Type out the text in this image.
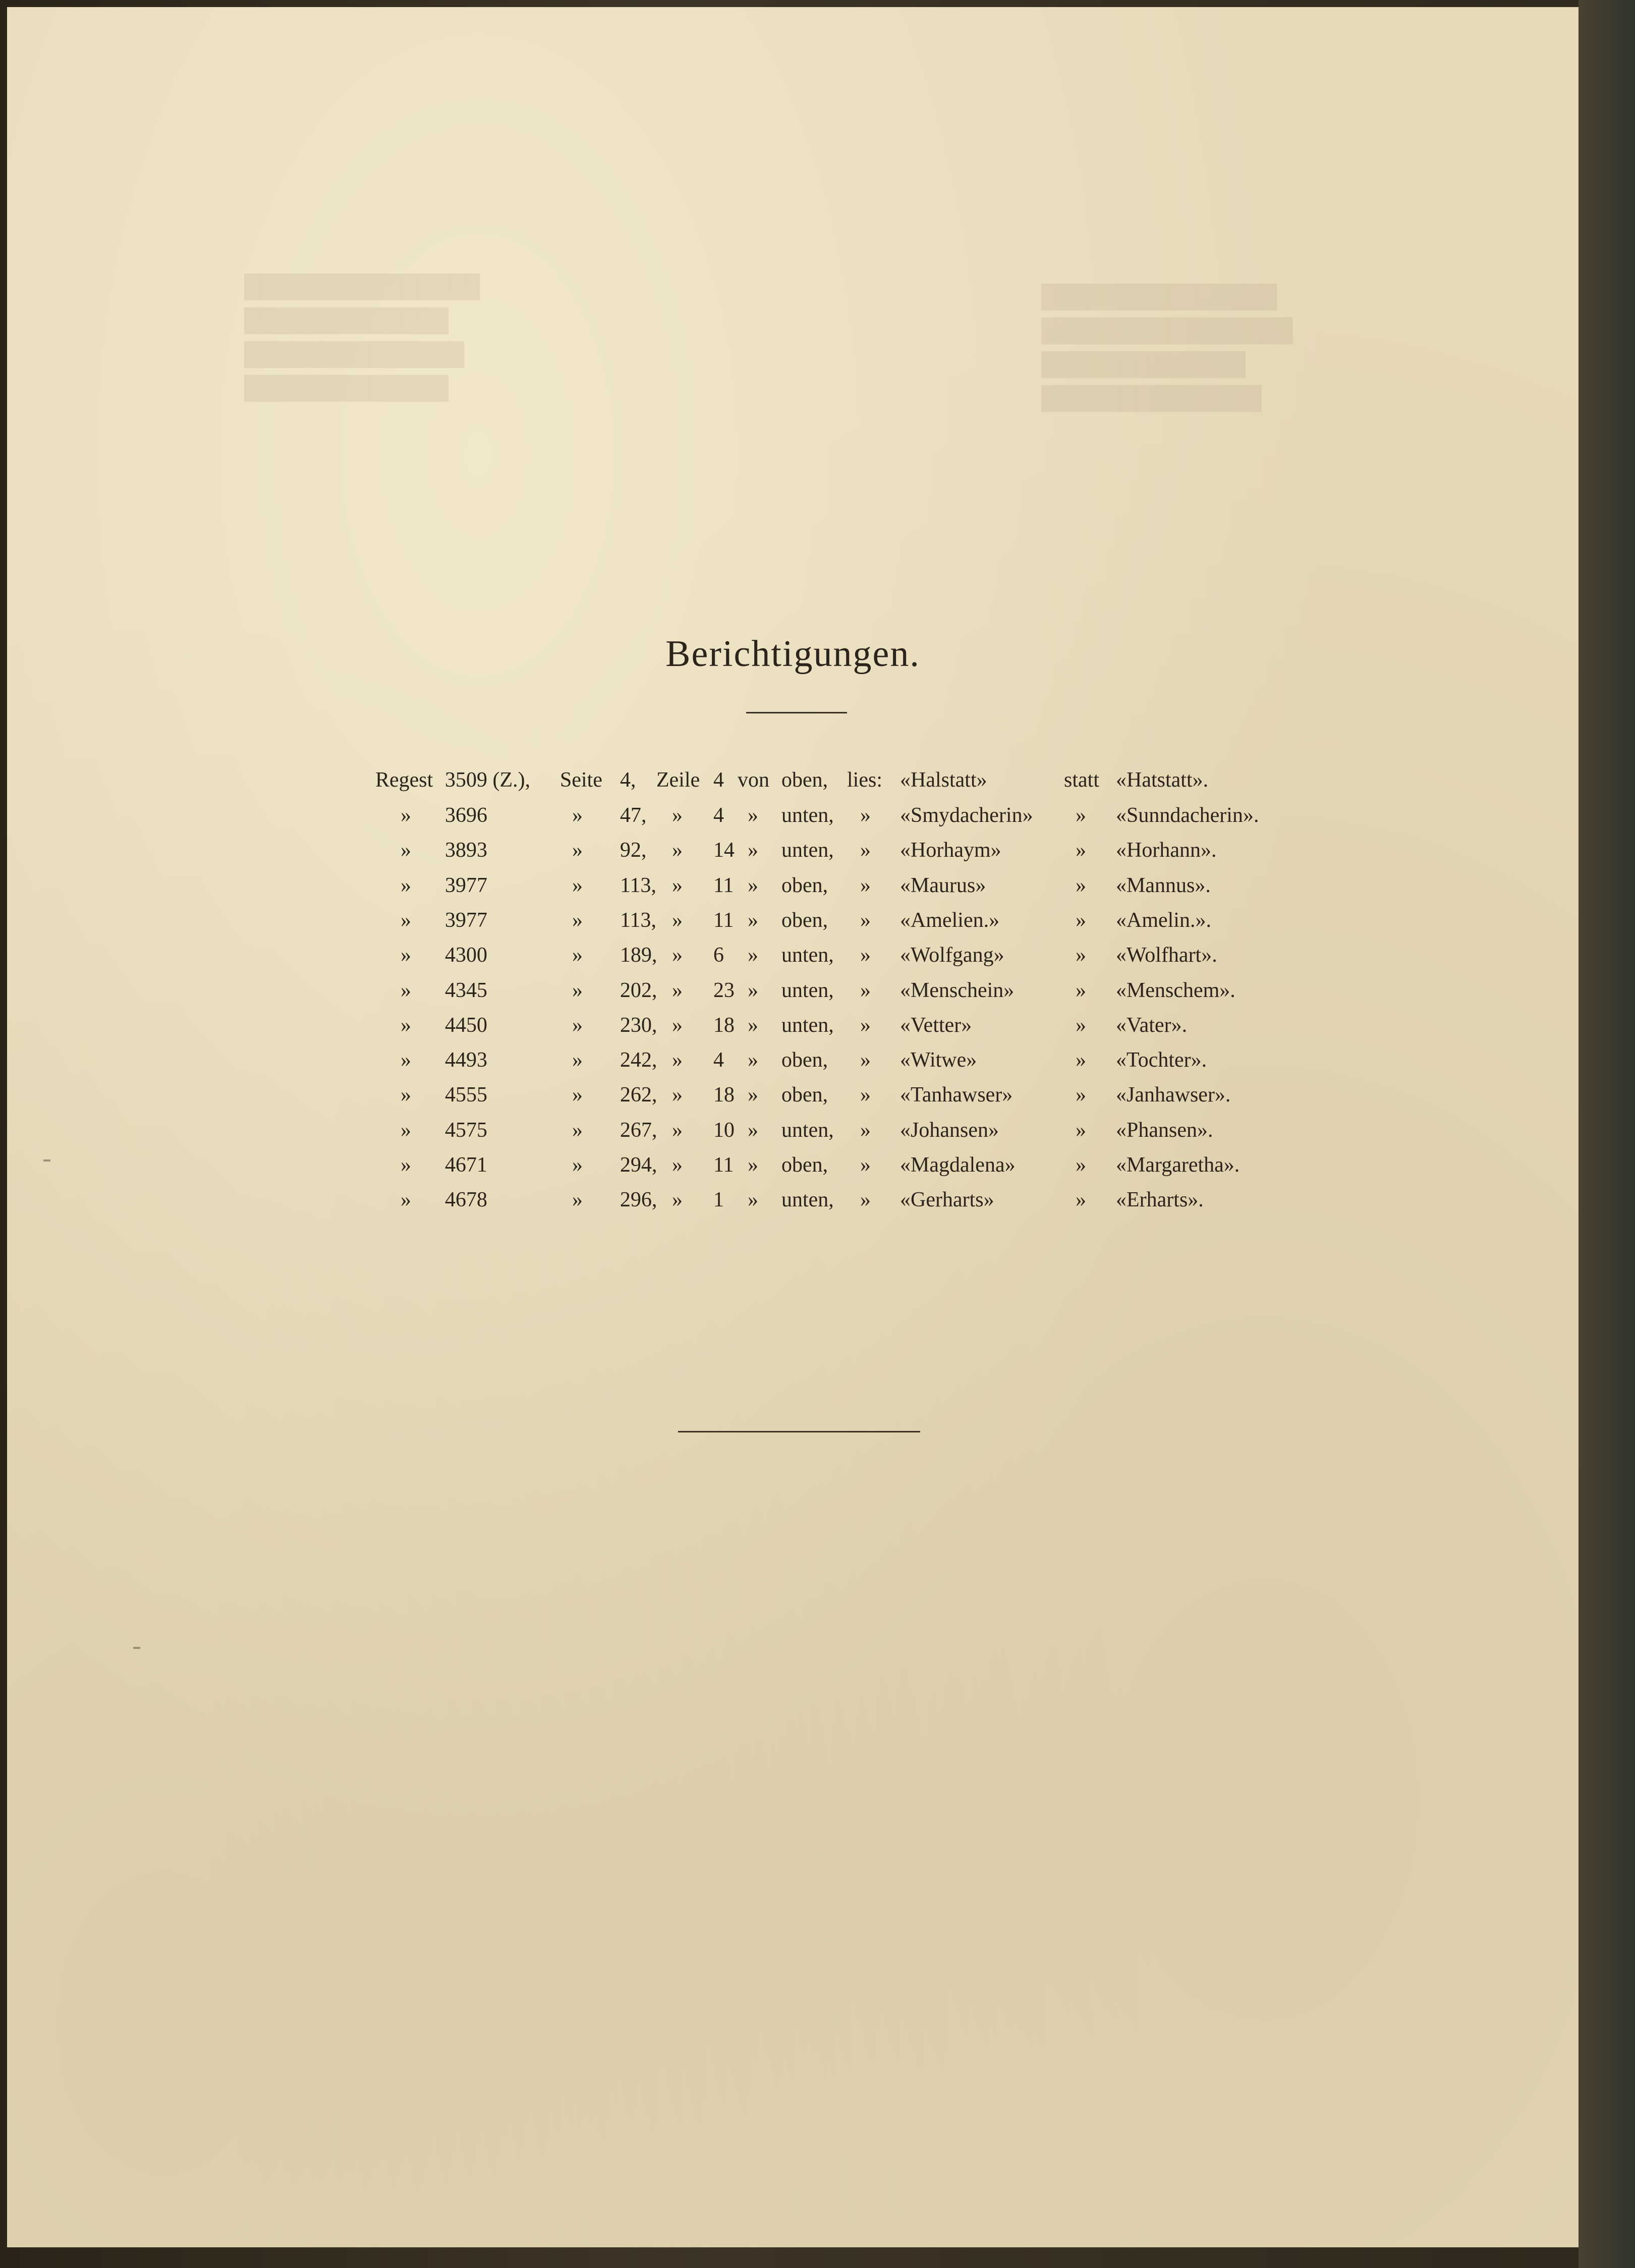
███████████████
█████████████
██████████████
█████████████
███████████████
████████████████
█████████████
██████████████
Berichtigungen.
Regest 3509 (Z.), Seite 4, Zeile 4 von oben, lies: «Halstatt»	statt «Hatstatt».
» 3696	» 47, » 4 » unten, » «Smydacherin» » «Sunndacherin».
» 3893	» 92, » 14 » unten, » «Horhaym»	» «Horhann».
» 3977	» 113, » 11 » oben, » «Maurus»	» «Mannus».
» 3977	» 113, » 11 » oben, » «Amelien.»	» «Amelin.».
» 4300	» 189, » 6 » unten, » «Wolfgang»	» «Wolfhart».
» 4345	» 202, » 23 » unten, » «Menschein»	» «Menschem».
» 4450	» 230, » 18 » unten, » «Vetter»	» «Vater».
» 4493	» 242, » 4 » oben, » «Witwe»	» «Tochter».
» 4555	» 262, » 18 » oben, » «Tanhawser»	» «Janhawser».
» 4575	» 267, » 10 » unten, » «Johansen»	» «Phansen».
» 4671	» 294, » 11 » oben, » «Magdalena»	» «Margaretha».
» 4678	» 296, » 1 » unten, » «Gerharts»	» «Erharts».
